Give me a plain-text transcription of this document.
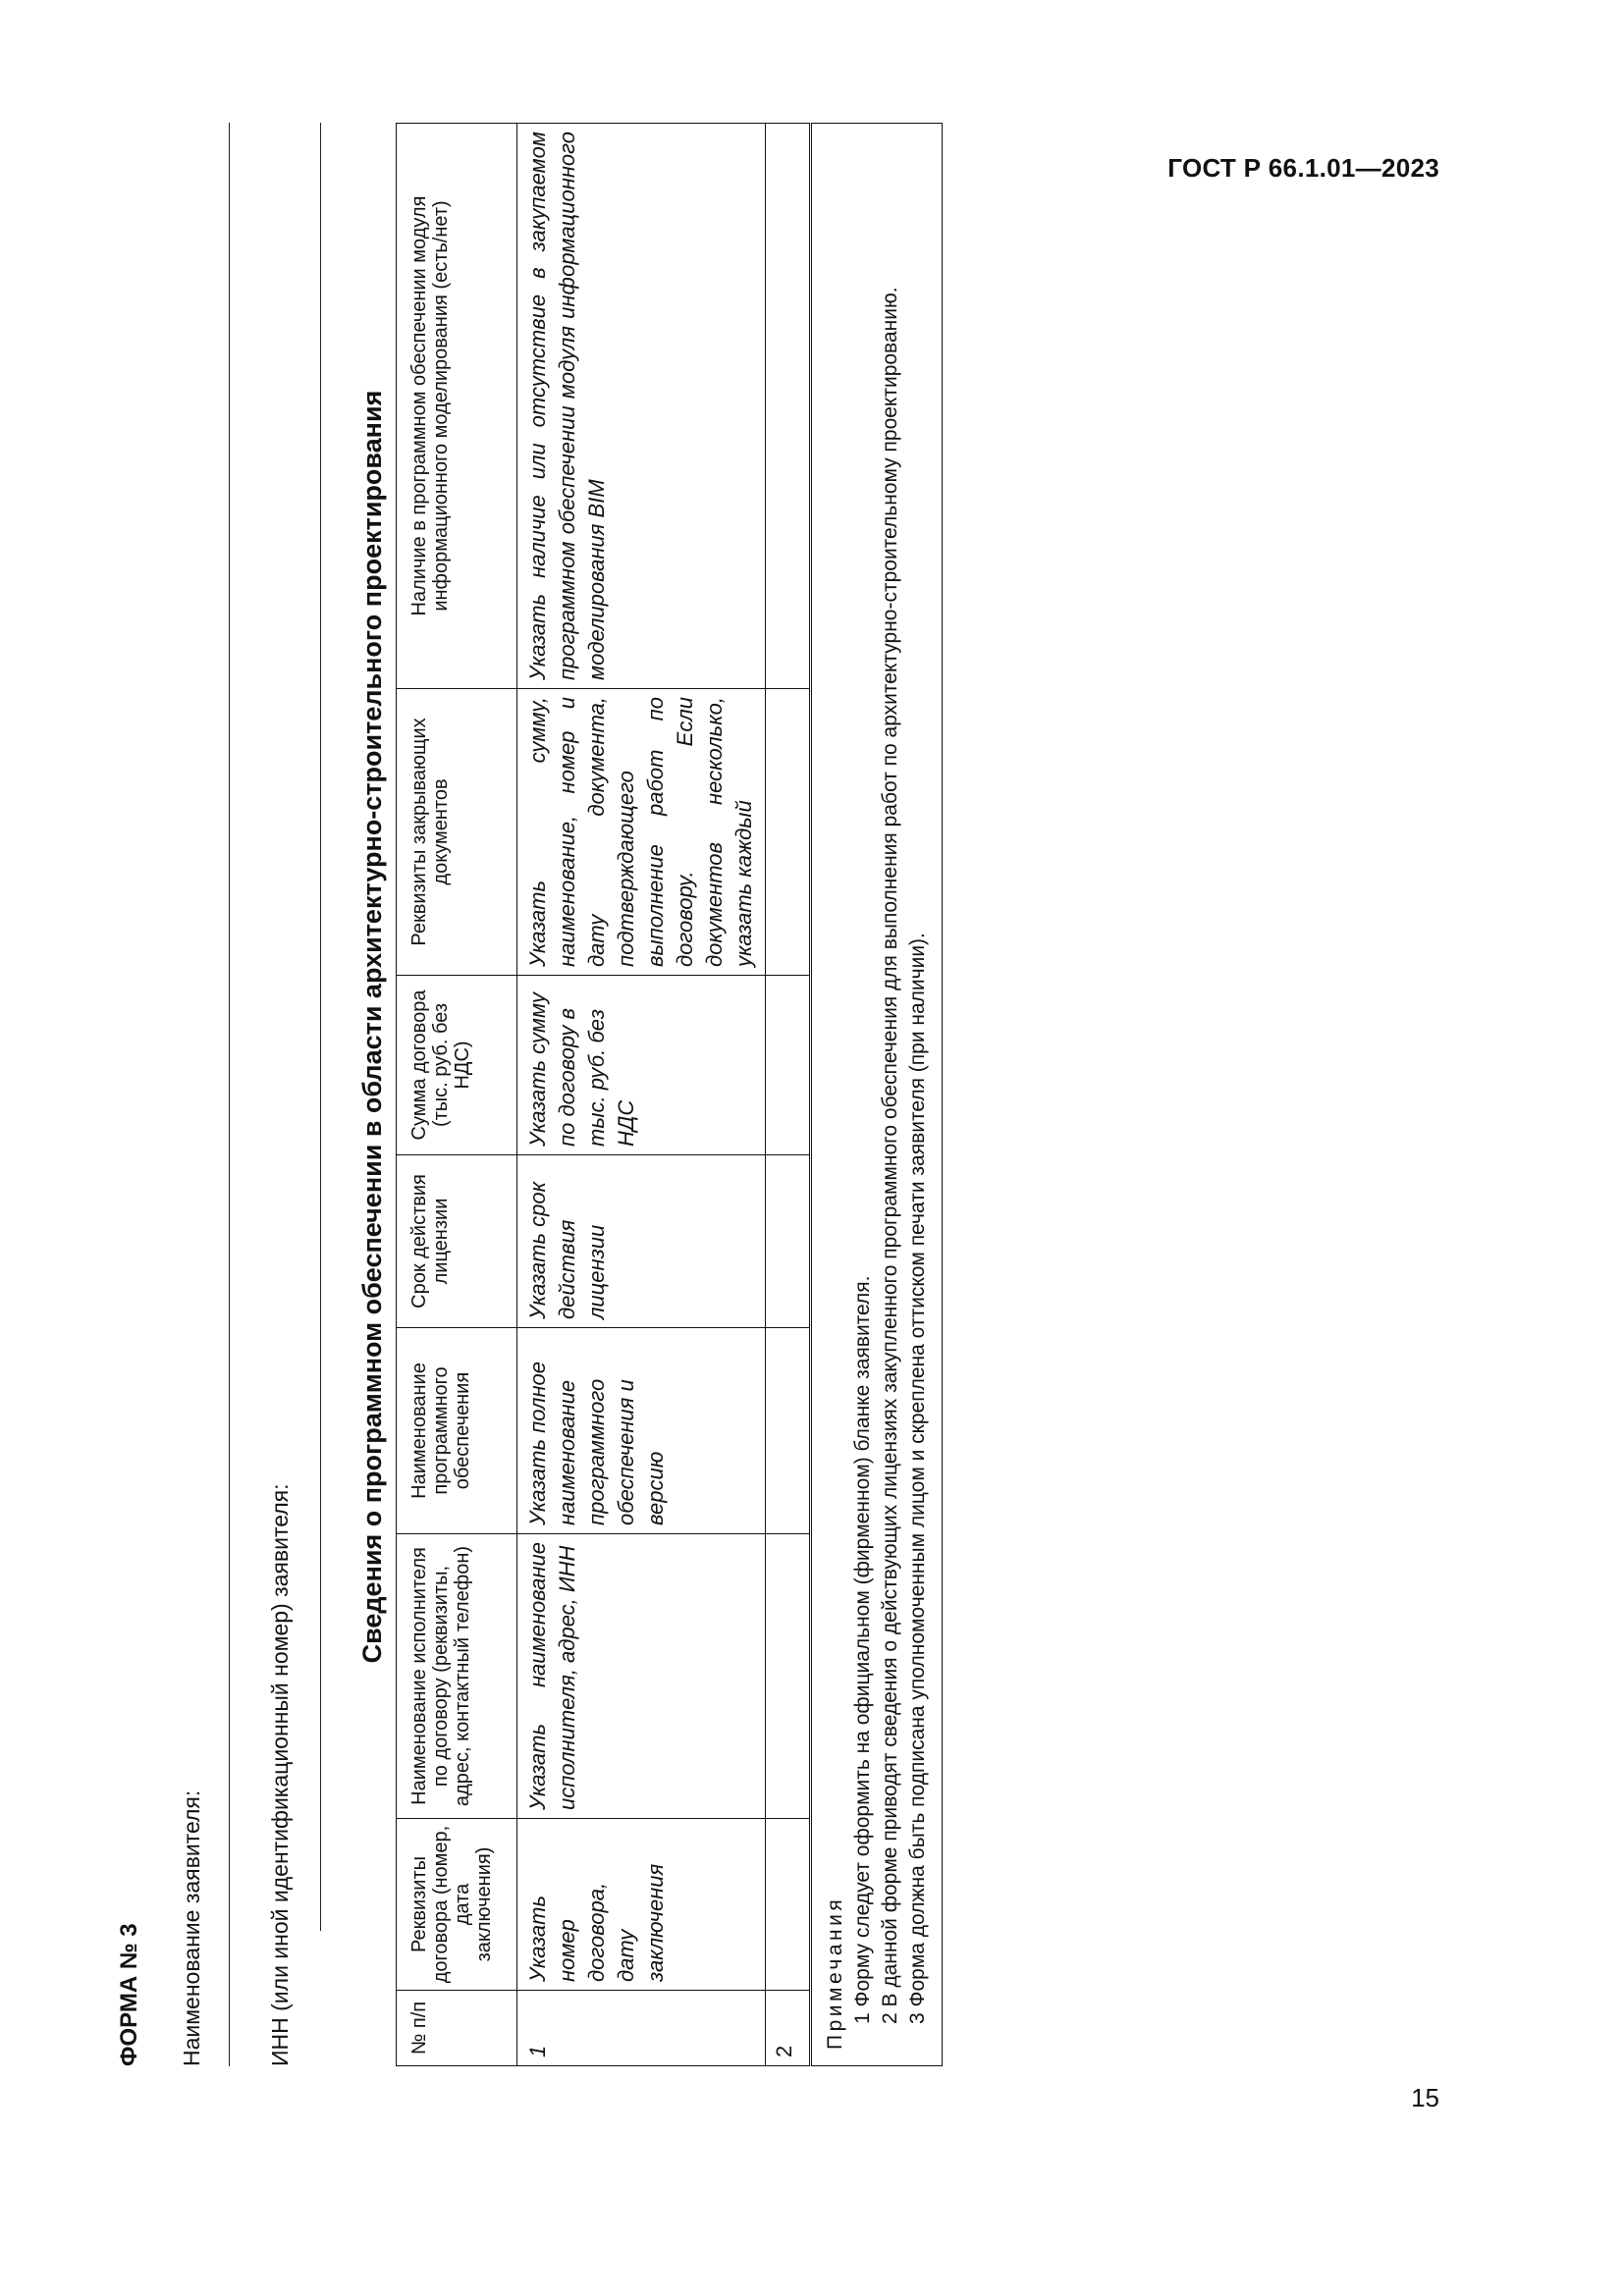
ГОСТ Р 66.1.01—2023
15
ФОРМА № 3 Наименование заявителя:	ИНН (или иной идентификационный номер) заявителя:
Сведения о программном обеспечении в области архитектурно-строительного проектирования
№ п/п	Реквизиты договора (номер, дата заключения)	Наименование исполнителя по договору (реквизиты, адрес, контактный телефон)	Наименование программного обеспечения	Срок действия лицензии	Сумма договора (тыс. руб. без НДС)	Реквизиты закрывающих документов	Наличие в программном обеспечении модуля информационного моделирования (есть/нет)
1	Указать номер договора, дату заключения	Указать наименование исполнителя, адрес, ИНН	Указать полное наименование программного обеспечения и версию	Указать срок действия лицензии	Указать сумму по договору в тыс. руб. без НДС	Указать сумму, наименование, номер и дату документа, подтверждающего выполнение работ по договору. Если документов несколько, указать каждый	Указать наличие или отсутствие в закупаемом программном обеспечении модуля информационного моделирования BIM
2							

Примечания 1 Форму следует оформить на официальном (фирменном) бланке заявителя. 2 В данной форме приводят сведения о действующих лицензиях закупленного программного обеспечения для выполнения работ по архитектурно-строительному проектированию. 3 Форма должна быть подписана уполномоченным лицом и скреплена оттиском печати заявителя (при наличии).							
